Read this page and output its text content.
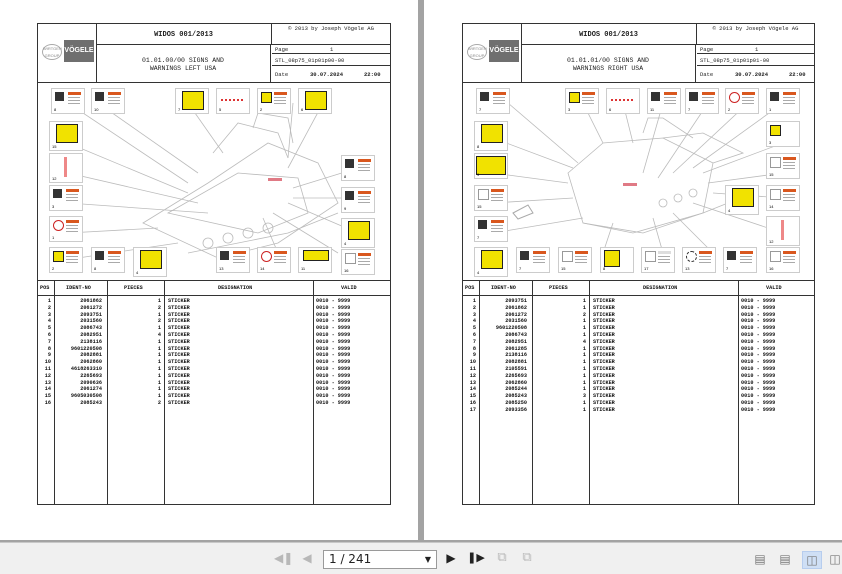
WIRTGEN GROUP
VÖGELE
WIDOS 001/2013
© 2013 by Joseph Vögele AG
01.01.00/00 SIGNS AND
WARNINGS LEFT USA
Page	1
STL_08p75_01p01p00-00
Date	30.07.2024	22:00
8	10	7	5	2	6
15
12
3
1
2	8
4
13	14	11
8
9
4
16
POS	IDENT-NO	PIECES	DESIGNATION	VALID
1	2061862	1 STICKER	0010 - 9999
2	2061272	2 STICKER	0010 - 9999
3	2093751	1 STICKER	0010 - 9999
4	2031560	2 STICKER	0010 - 9999
5	2086743	1 STICKER	0010 - 9999
6	2082951	4 STICKER	0010 - 9999
7	2138116	1 STICKER	0010 - 9999
8	9601220508	1 STICKER	0010 - 9999
9	2082881	1 STICKER	0010 - 9999
10	2062860	1 STICKER	0010 - 9999
11	4618263310	1 STICKER	0010 - 9999
12	2265693	1 STICKER	0010 - 9999
13	2090636	1 STICKER	0010 - 9999
14	2061274	1 STICKER	0010 - 9999
15	9605030508	1 STICKER	0010 - 9999
16	2085243	2 STICKER	0010 - 9999
WIRTGEN GROUP
VÖGELE
WIDOS 001/2013
© 2013 by Joseph Vögele AG
01.01.01/00 SIGNS AND
WARNINGS RIGHT USA
Page	1
STL_08p75_01p01p01-00
Date	30.07.2024	22:00
7	3	6	11	7	2	1
8
3
9	15
15	14
7
4
12
4
7	15	8	17	13	7	16
POS	IDENT-NO	PIECES	DESIGNATION	VALID
1	2093751	1 STICKER	0010 - 9999
2	2061862	1 STICKER	0010 - 9999
3	2061272	2 STICKER	0010 - 9999
4	2031560	1 STICKER	0010 - 9999
5	9601220508	1 STICKER	0010 - 9999
6	2086743	1 STICKER	0010 - 9999
7	2082951	4 STICKER	0010 - 9999
8	2061285	1 STICKER	0010 - 9999
9	2138116	1 STICKER	0010 - 9999
10	2082881	1 STICKER	0010 - 9999
11	2105591	1 STICKER	0010 - 9999
12	2265693	1 STICKER	0010 - 9999
13	2062860	1 STICKER	0010 - 9999
14	2085244	1 STICKER	0010 - 9999
15	2085243	3 STICKER	0010 - 9999
16	2085250	1 STICKER	0010 - 9999
17	2093356	1 STICKER	0010 - 9999
◀❚ ◀	1 / 241	▼	▶	❚▶ ⧉	⧉	▤ ▤	◫ ◫
